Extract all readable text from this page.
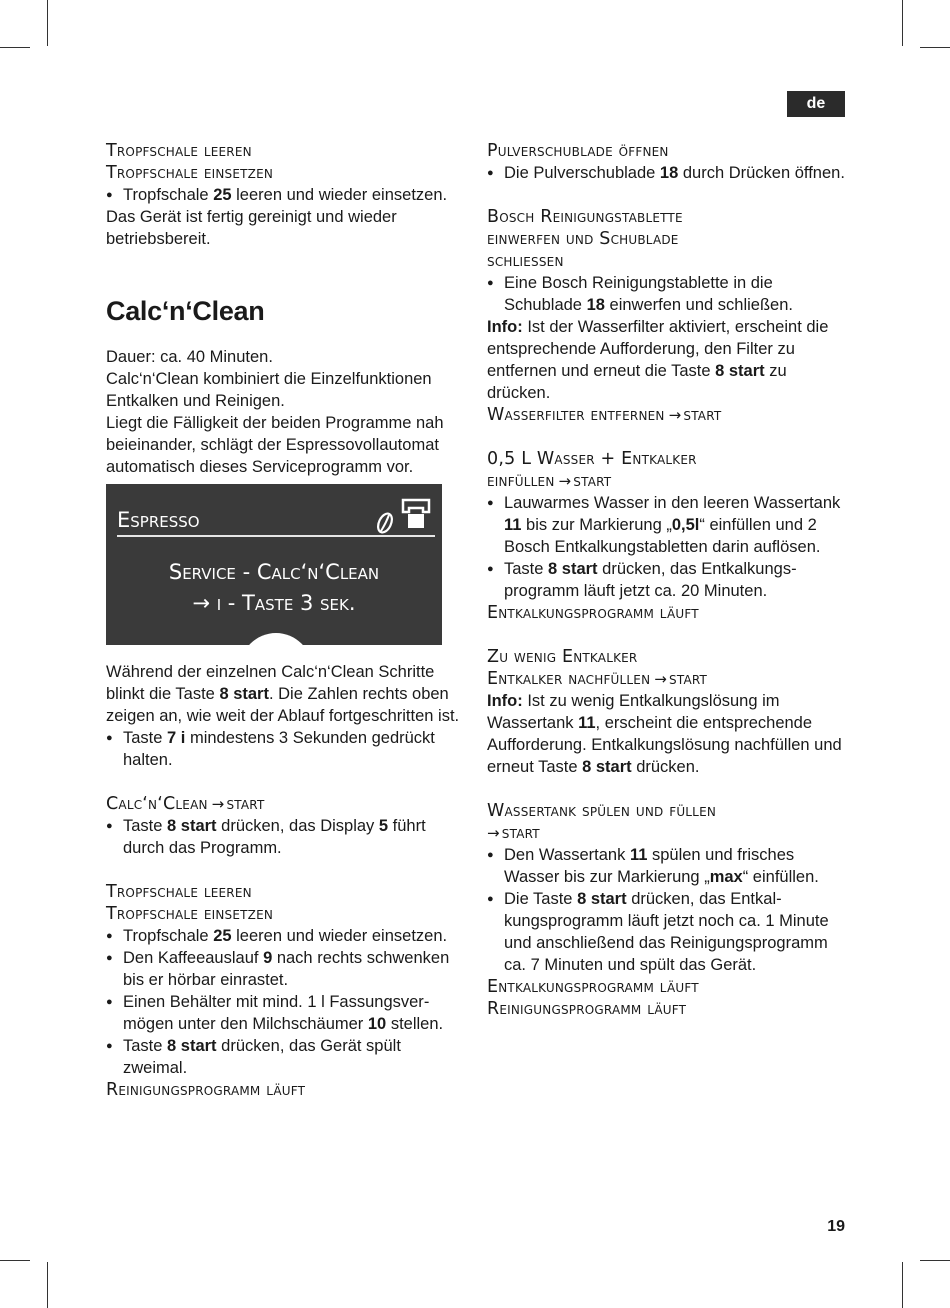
de
Tropfschale leeren
Tropfschale einsetzen
● Tropfschale 25 leeren und wieder einsetzen.

Das Gerät ist fertig gereinigt und wieder betriebsbereit.

Calc‘n‘Clean

Dauer: ca. 40 Minuten.

Calc‘n‘Clean kombiniert die Einzelfunktionen Entkalken und Reinigen.

Liegt die Fälligkeit der beiden Programme nah beieinander, schlägt der Espressovollautomat automatisch dieses Serviceprogramm vor.

Espresso
Service - Calc‘n‘Clean
→ i - Taste 3 sek.

Während der einzelnen Calc‘n‘Clean Schritte blinkt die Taste 8 start. Die Zahlen rechts oben zeigen an, wie weit der Ablauf fortgeschritten ist.

● Taste 7 i mindestens 3 Sekunden gedrückt halten.
Calc‘n‘Clean → start
● Taste 8 start drücken, das Display 5 führt durch das Programm.
Tropfschale leeren
Tropfschale einsetzen
● Tropfschale 25 leeren und wieder einsetzen.
● Den Kaffeeauslauf 9 nach rechts schwenken bis er hörbar einrastet.
● Einen Behälter mit mind. 1 l Fassungsvermögen unter den Milchschäumer 10 stellen.
● Taste 8 start drücken, das Gerät spült zweimal.
Reinigungsprogramm läuft
Pulverschublade öffnen
● Die Pulverschublade 18 durch Drücken öffnen.
Bosch Reinigungstablette
einwerfen und Schublade
schliessen
● Eine Bosch Reinigungstablette in die Schublade 18 einwerfen und schließen.

Info: Ist der Wasserfilter aktiviert, erscheint die entsprechende Aufforderung, den Filter zu entfernen und erneut die Taste 8 start zu drücken.

Wasserfilter entfernen → start
0,5 L Wasser + Entkalker
einfüllen → start
● Lauwarmes Wasser in den leeren Wassertank 11 bis zur Markierung „0,5l“ einfüllen und 2 Bosch Entkalkungstabletten darin auflösen.
● Taste 8 start drücken, das Entkalkungsprogramm läuft jetzt ca. 20 Minuten.
Entkalkungsprogramm läuft
Zu wenig Entkalker
Entkalker nachfüllen → start

Info: Ist zu wenig Entkalkungslösung im Wassertank 11, erscheint die entsprechende Aufforderung. Entkalkungslösung nachfüllen und erneut Taste 8 start drücken.

Wassertank spülen und füllen
→ start
● Den Wassertank 11 spülen und frisches Wasser bis zur Markierung „max“ einfüllen.
● Die Taste 8 start drücken, das Entkalkungsprogramm läuft jetzt noch ca. 1 Minute und anschließend das Reinigungsprogramm ca. 7 Minuten und spült das Gerät.
Entkalkungsprogramm läuft
Reinigungsprogramm läuft
19
